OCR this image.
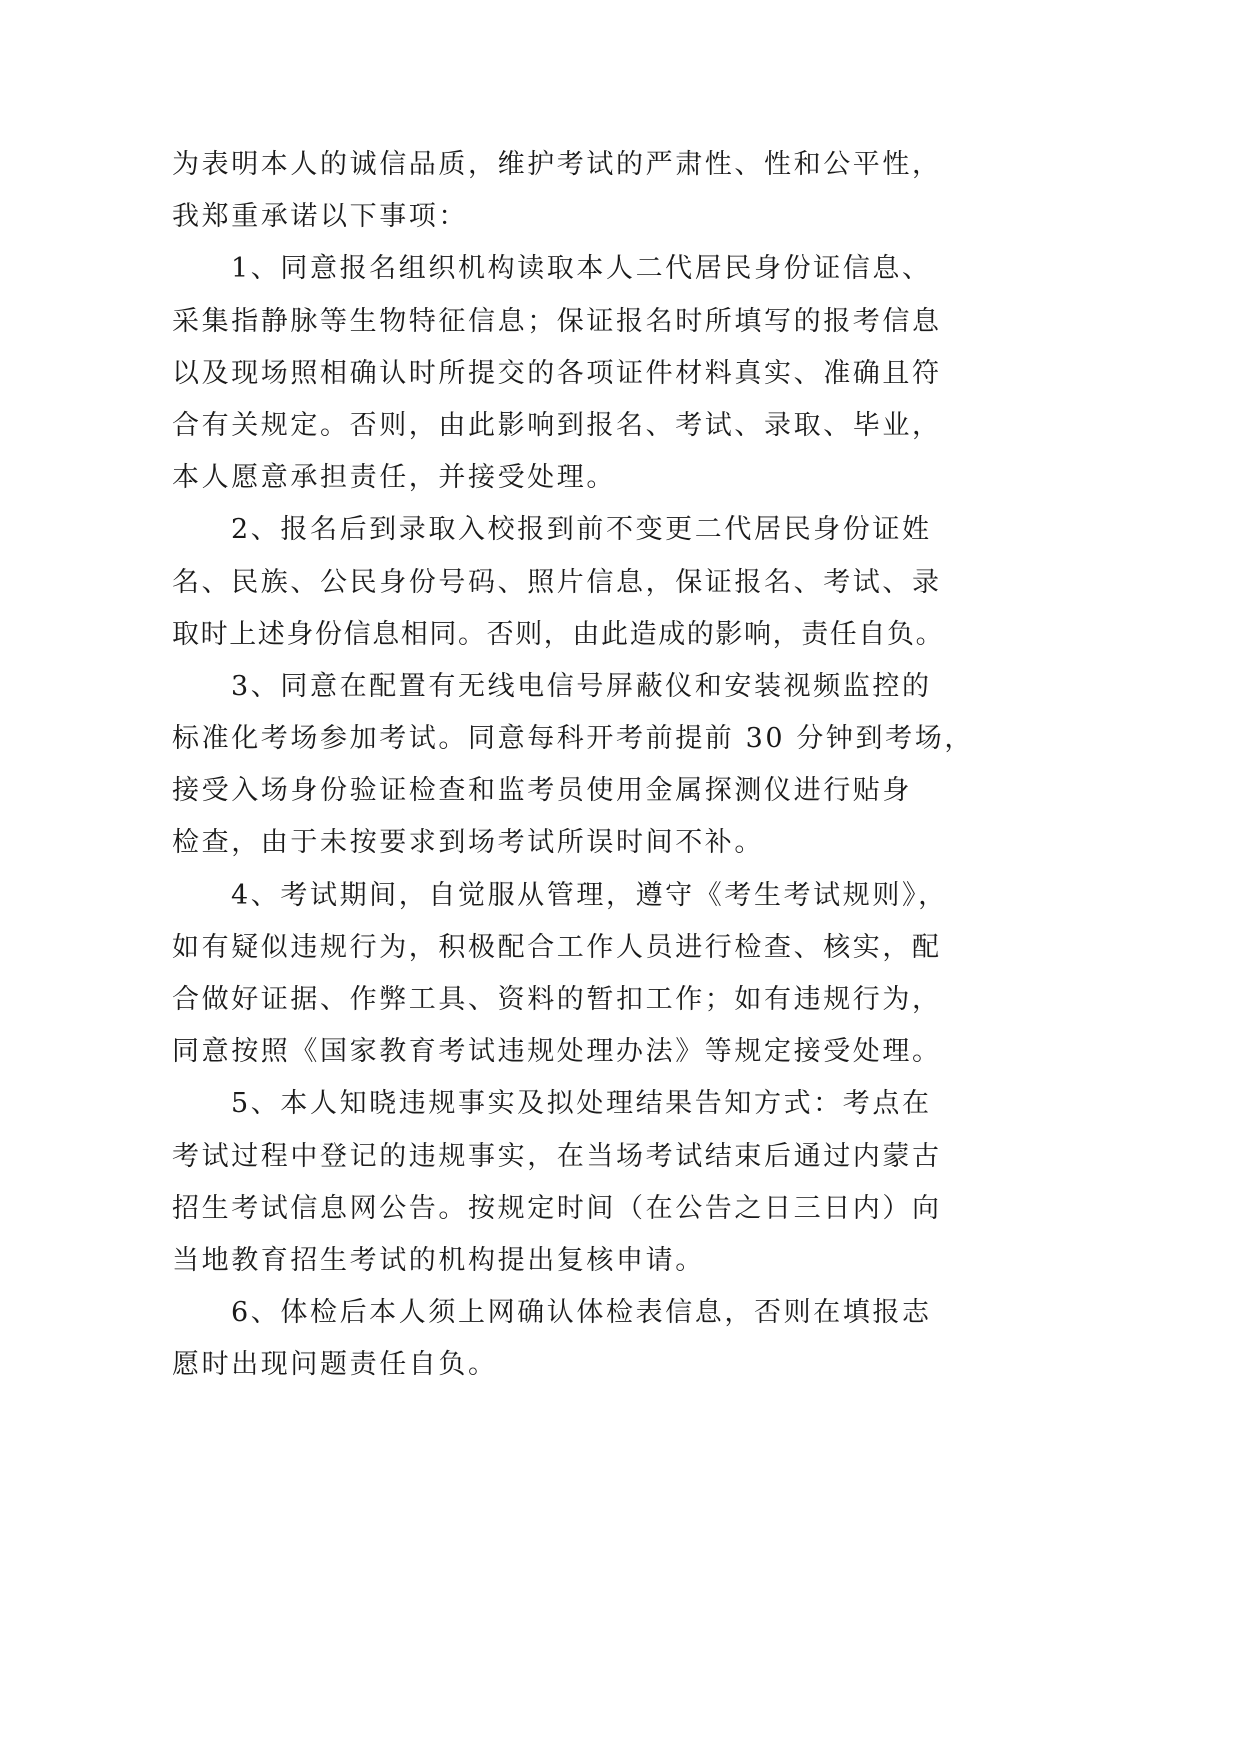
为表明本人的诚信品质，维护考试的严肃性、性和公平性，
我郑重承诺以下事项：
1、同意报名组织机构读取本人二代居民身份证信息、
采集指静脉等生物特征信息；保证报名时所填写的报考信息
以及现场照相确认时所提交的各项证件材料真实、准确且符
合有关规定。否则，由此影响到报名、考试、录取、毕业，
本人愿意承担责任，并接受处理。
2、报名后到录取入校报到前不变更二代居民身份证姓
名、民族、公民身份号码、照片信息，保证报名、考试、录
取时上述身份信息相同。否则，由此造成的影响，责任自负。
3、同意在配置有无线电信号屏蔽仪和安装视频监控的
标准化考场参加考试。同意每科开考前提前 30 分钟到考场，
接受入场身份验证检查和监考员使用金属探测仪进行贴身
检查，由于未按要求到场考试所误时间不补。
4、考试期间，自觉服从管理，遵守《考生考试规则》，
如有疑似违规行为，积极配合工作人员进行检查、核实，配
合做好证据、作弊工具、资料的暂扣工作；如有违规行为，
同意按照《国家教育考试违规处理办法》等规定接受处理。
5、本人知晓违规事实及拟处理结果告知方式：考点在
考试过程中登记的违规事实，在当场考试结束后通过内蒙古
招生考试信息网公告。按规定时间（在公告之日三日内）向
当地教育招生考试的机构提出复核申请。
6、体检后本人须上网确认体检表信息，否则在填报志
愿时出现问题责任自负。
